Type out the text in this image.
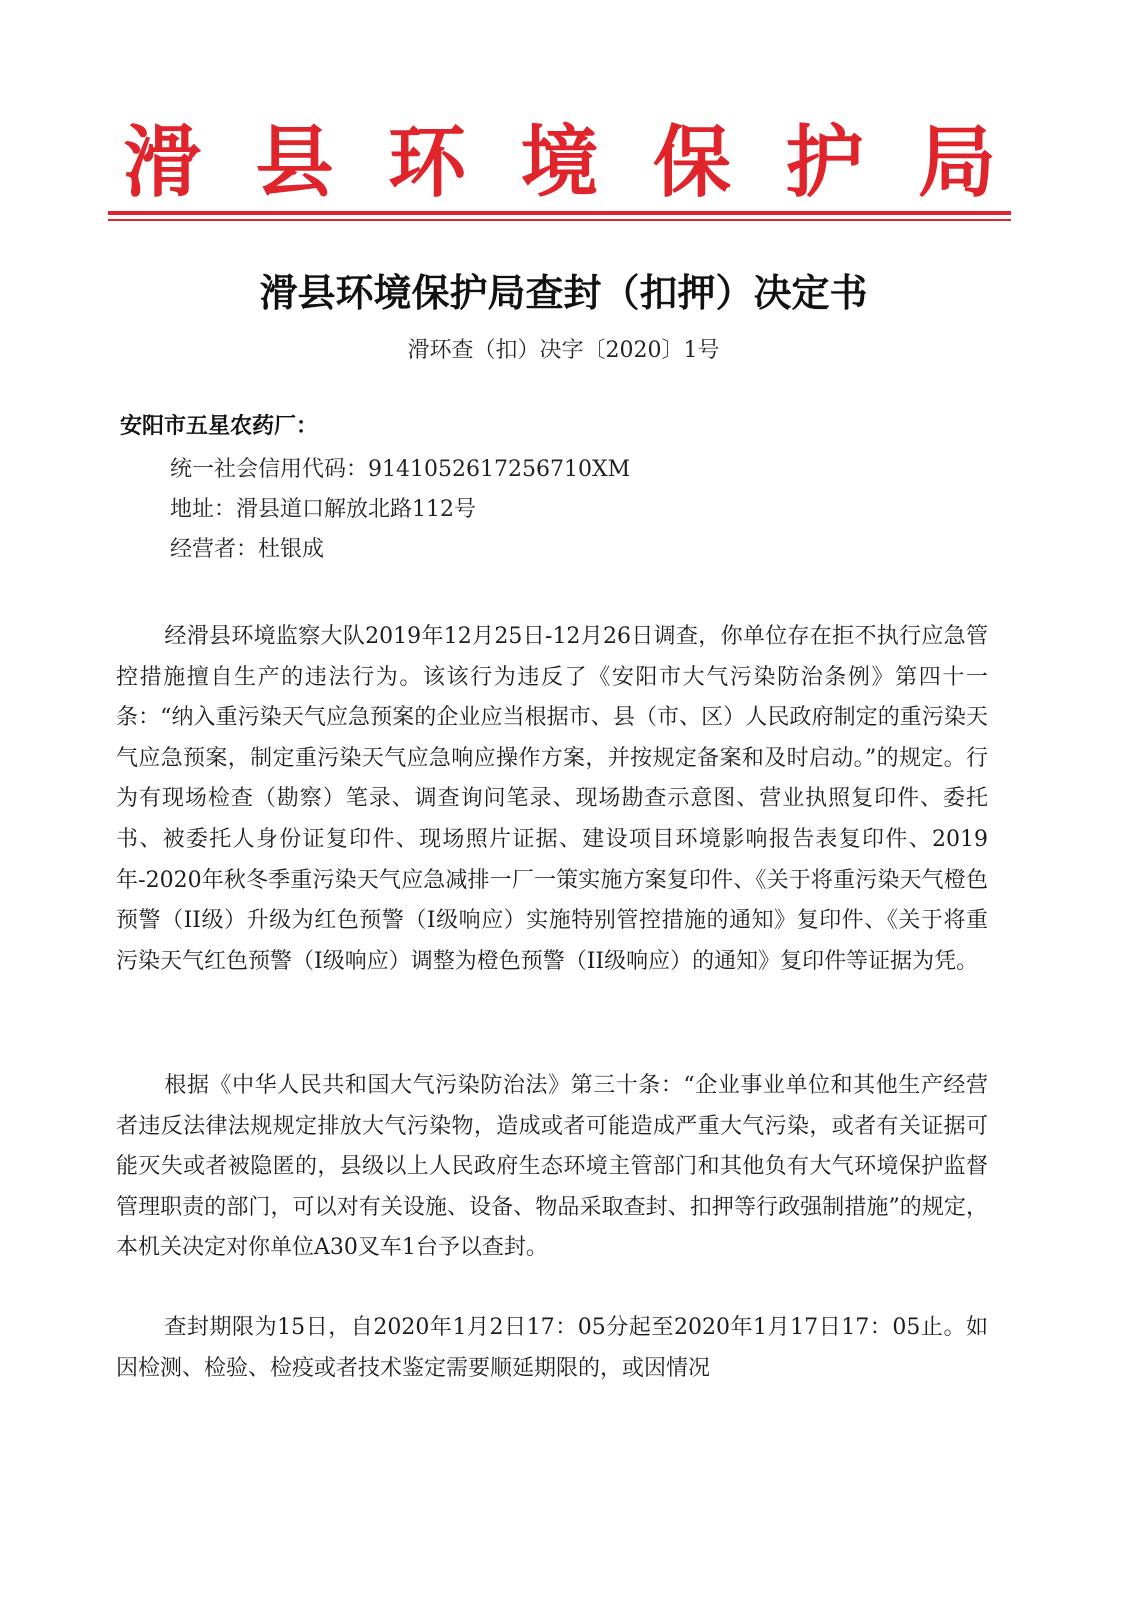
滑 县 环 境 保 护 局
滑县环境保护局查封（扣押）决定书
滑环查（扣）决字〔2020〕1号
安阳市五星农药厂：
统一社会信用代码：9141052617256710XM
地址：滑县道口解放北路112号
经营者：杜银成

经滑县环境监察大队2019年12月25日-12月26日调查，你单位存在拒不执行应急管控措施擅自生产的违法行为。该该行为违反了《安阳市大气污染防治条例》第四十一条：“纳入重污染天气应急预案的企业应当根据市、县（市、区）人民政府制定的重污染天气应急预案，制定重污染天气应急响应操作方案，并按规定备案和及时启动。”的规定。行为有现场检查（勘察）笔录、调查询问笔录、现场勘查示意图、营业执照复印件、委托书、被委托人身份证复印件、现场照片证据、建设项目环境影响报告表复印件、2019年-2020年秋冬季重污染天气应急减排一厂一策实施方案复印件、《关于将重污染天气橙色预警（II级）升级为红色预警（I级响应）实施特别管控措施的通知》复印件、《关于将重污染天气红色预警（I级响应）调整为橙色预警（II级响应）的通知》复印件等证据为凭。

根据《中华人民共和国大气污染防治法》第三十条：“企业事业单位和其他生产经营者违反法律法规规定排放大气污染物，造成或者可能造成严重大气污染，或者有关证据可能灭失或者被隐匿的，县级以上人民政府生态环境主管部门和其他负有大气环境保护监督管理职责的部门，可以对有关设施、设备、物品采取查封、扣押等行政强制措施”的规定，本机关决定对你单位A30叉车1台予以查封。

查封期限为15日，自2020年1月2日17：05分起至2020年1月17日17：05止。如因检测、检验、检疫或者技术鉴定需要顺延期限的，或因情况
